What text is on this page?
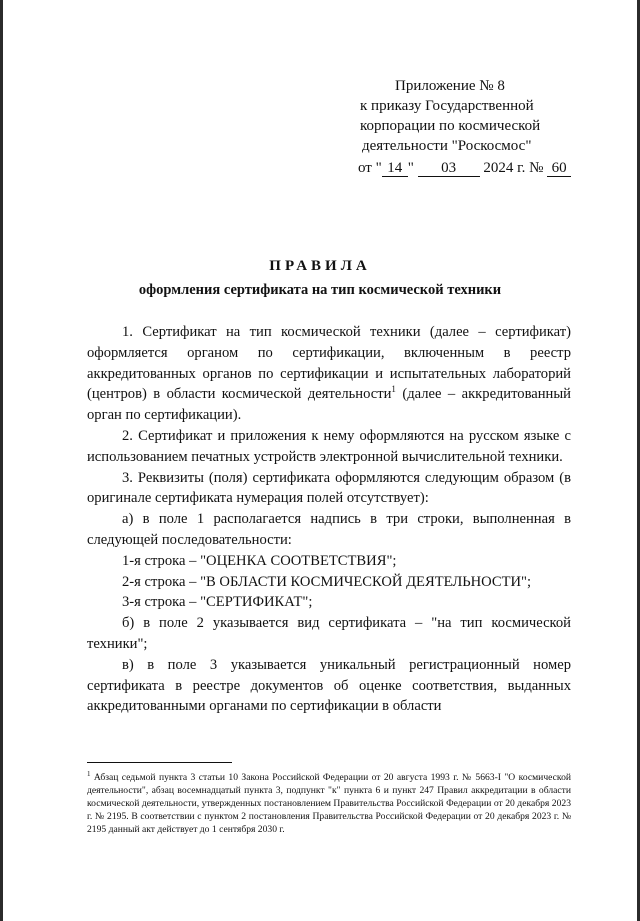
Приложение № 8
к приказу Государственной
корпорации по космической
деятельности "Роскосмос"
от " 14 " 03 2024 г. № 60
ПРАВИЛА
оформления сертификата на тип космической техники

1. Сертификат на тип космической техники (далее – сертификат) оформляется органом по сертификации, включенным в реестр аккредитованных органов по сертификации и испытательных лабораторий (центров) в области космической деятельности$^1$ (далее – аккредитованный орган по сертификации).

2. Сертификат и приложения к нему оформляются на русском языке с использованием печатных устройств электронной вычислительной техники.

3. Реквизиты (поля) сертификата оформляются следующим образом (в оригинале сертификата нумерация полей отсутствует):

а) в поле 1 располагается надпись в три строки, выполненная в следующей последовательности:

1-я строка – "ОЦЕНКА СООТВЕТСТВИЯ";

2-я строка – "В ОБЛАСТИ КОСМИЧЕСКОЙ ДЕЯТЕЛЬНОСТИ";

3-я строка – "СЕРТИФИКАТ";

б) в поле 2 указывается вид сертификата – "на тип космической техники";

в) в поле 3 указывается уникальный регистрационный номер сертификата в реестре документов об оценке соответствия, выданных аккредитованными органами по сертификации в области

$^1$ Абзац седьмой пункта 3 статьи 10 Закона Российской Федерации от 20 августа 1993 г. № 5663-I "О космической деятельности", абзац восемнадцатый пункта 3, подпункт "к" пункта 6 и пункт 247 Правил аккредитации в области космической деятельности, утвержденных постановлением Правительства Российской Федерации от 20 декабря 2023 г. № 2195. В соответствии с пунктом 2 постановления Правительства Российской Федерации от 20 декабря 2023 г. № 2195 данный акт действует до 1 сентября 2030 г.
